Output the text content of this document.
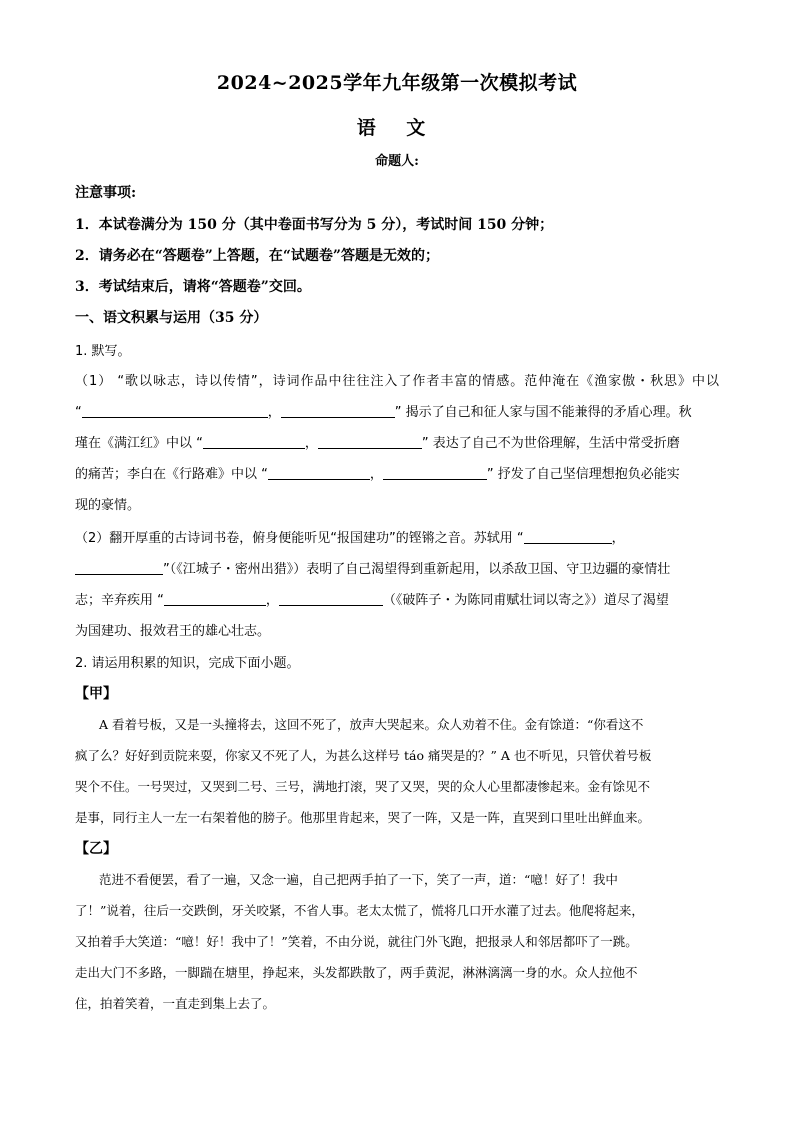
2024~2025学年九年级第一次模拟考试
语 文
命题人:
注意事项:
1．本试卷满分为 150 分（其中卷面书写分为 5 分），考试时间 150 分钟；
2．请务必在“答题卷”上答题，在“试题卷”答题是无效的；
3．考试结束后，请将“答题卷”交回。
一、语文积累与运用（35 分）
1. 默写。
（1） “歌以咏志，诗以传情”，诗词作品中往往注入了作者丰富的情感。范仲淹在《渔家傲・秋思》中以
“	，	” 揭示了自己和征人家与国不能兼得的矛盾心理。秋
瑾在《满江红》中以 “	，	” 表达了自己不为世俗理解，生活中常受折磨
的痛苦；李白在《行路难》中以 “	，	” 抒发了自己坚信理想抱负必能实
现的豪情。
（2）翻开厚重的古诗词书卷，俯身便能听见“报国建功”的铿锵之音。苏轼用 “	，
”（《江城子・密州出猎》）表明了自己渴望得到重新起用，以杀敌卫国、守卫边疆的豪情壮
志；辛弃疾用 “	，	（《破阵子・为陈同甫赋壮词以寄之》）道尽了渴望
为国建功、报效君王的雄心壮志。
2. 请运用积累的知识，完成下面小题。
【甲】
A 看着号板，又是一头撞将去，这回不死了，放声大哭起来。众人劝着不住。金有馀道：“你看这不
疯了么？好好到贡院来耍，你家又不死了人，为甚么这样号 táo 痛哭是的？” A 也不听见，只管伏着号板
哭个不住。一号哭过，又哭到二号、三号，满地打滚，哭了又哭，哭的众人心里都凄惨起来。金有馀见不
是事，同行主人一左一右架着他的膀子。他那里肯起来，哭了一阵，又是一阵，直哭到口里吐出鲜血来。
【乙】
范进不看便罢，看了一遍，又念一遍，自己把两手拍了一下，笑了一声，道：“噫！好了！我中
了！”说着，往后一交跌倒，牙关咬紧，不省人事。老太太慌了，慌将几口开水灌了过去。他爬将起来，
又拍着手大笑道：“噫！好！我中了！”笑着，不由分说，就往门外飞跑，把报录人和邻居都吓了一跳。
走出大门不多路，一脚踹在塘里，挣起来，头发都跌散了，两手黄泥，淋淋漓漓一身的水。众人拉他不
住，拍着笑着，一直走到集上去了。
